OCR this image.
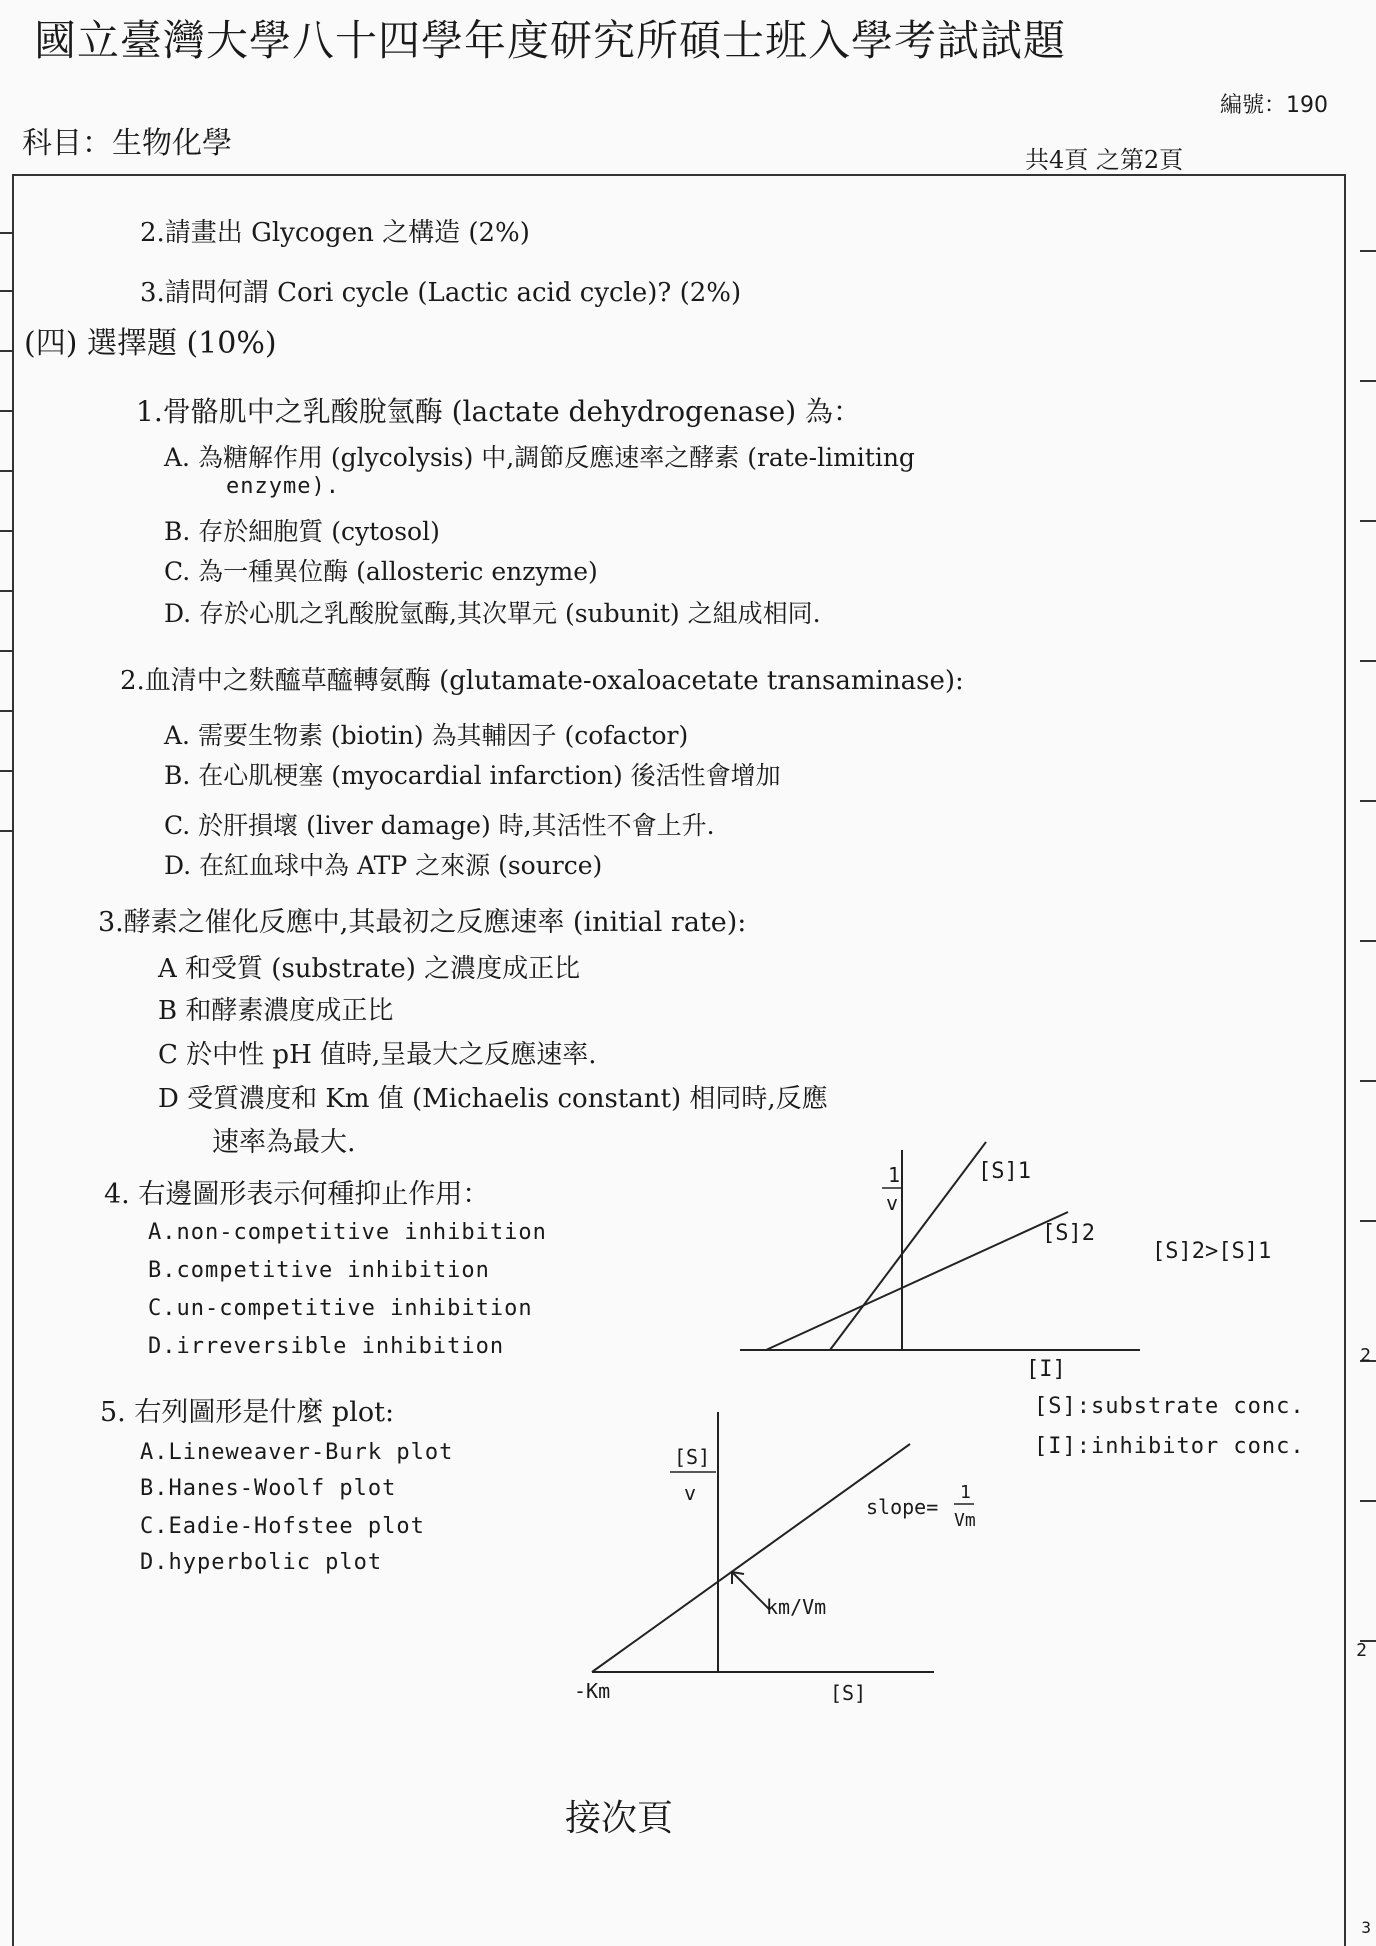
國立臺灣大學八十四學年度研究所碩士班入學考試試題
編號：190
科目：生物化學	共4頁 之第2頁
2
2
3
2.請畫出 Glycogen 之構造 (2%)
3.請問何謂 Cori cycle (Lactic acid cycle)? (2%)
(四) 選擇題 (10%)
1.骨骼肌中之乳酸脫氫酶 (lactate dehydrogenase) 為：
A. 為糖解作用 (glycolysis) 中,調節反應速率之酵素 (rate-limiting
enzyme).
B. 存於細胞質 (cytosol)
C. 為一種異位酶 (allosteric enzyme)
D. 存於心肌之乳酸脫氫酶,其次單元 (subunit) 之組成相同.
2.血清中之麩醯草醯轉氨酶 (glutamate-oxaloacetate transaminase):
A. 需要生物素 (biotin) 為其輔因子 (cofactor)
B. 在心肌梗塞 (myocardial infarction) 後活性會增加
C. 於肝損壞 (liver damage) 時,其活性不會上升.
D. 在紅血球中為 ATP 之來源 (source)
3.酵素之催化反應中,其最初之反應速率 (initial rate):
A 和受質 (substrate) 之濃度成正比
B 和酵素濃度成正比
C 於中性 pH 值時,呈最大之反應速率.
D 受質濃度和 Km 值 (Michaelis constant) 相同時,反應
速率為最大.
4. 右邊圖形表示何種抑止作用：
A.non-competitive inhibition
B.competitive inhibition
C.un-competitive inhibition
D.irreversible inhibition
5. 右列圖形是什麼 plot:
A.Lineweaver-Burk plot
B.Hanes-Woolf plot
C.Eadie-Hofstee plot
D.hyperbolic plot
1
v
[S]1
[S]2
[S]2>[S]1
[I]
[S]:substrate conc.
[I]:inhibitor conc.
[S]
v
slope=
1
Vm
km/Vm
-Km	[S]
接次頁
